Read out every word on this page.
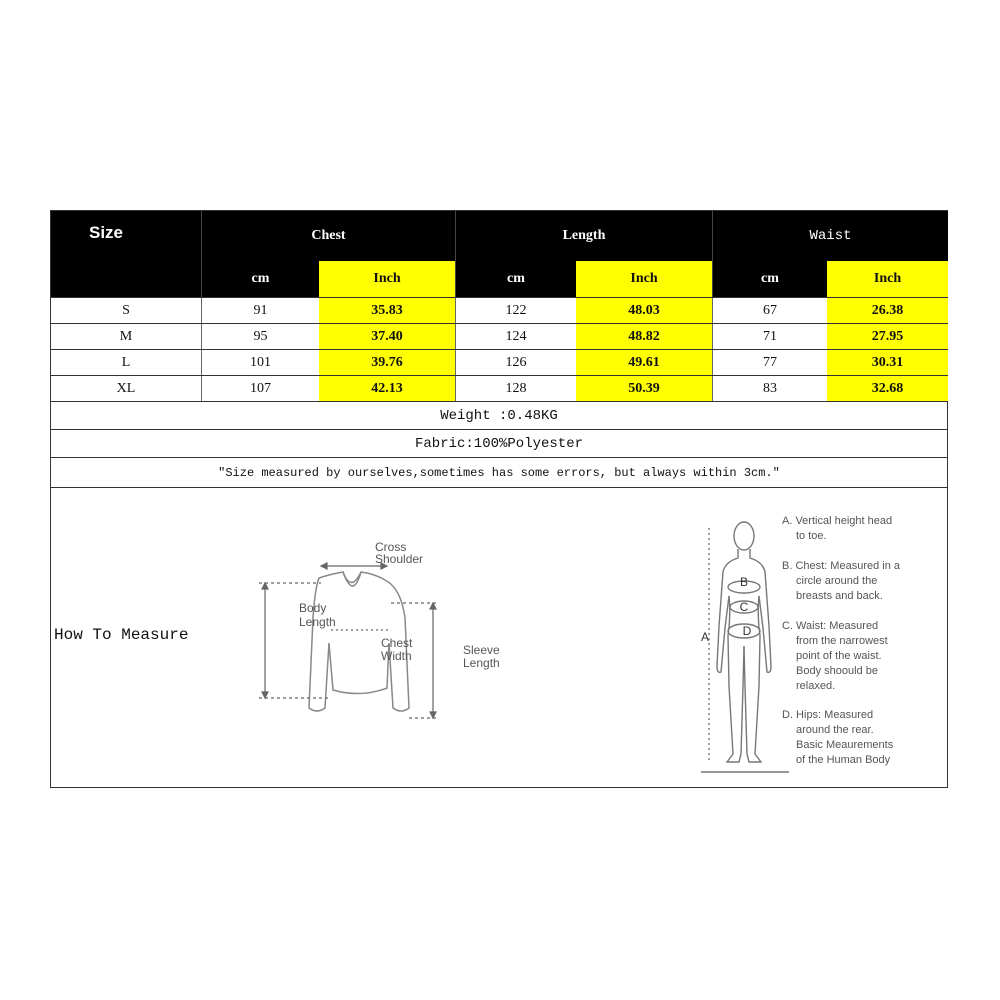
Size	Chest	Length	Waist
cm	Inch	cm	Inch	cm	Inch
S	91	35.83	122	48.03	67	26.38
M	95	37.40	124	48.82	71	27.95
L	101	39.76	126	49.61	77	30.31
XL	107	42.13	128	50.39	83	32.68
Weight :0.48KG
Fabric:100%Polyester
"Size measured by ourselves,sometimes has some errors, but always within 3cm."
How To Measure
Cross
Shoulder
Body
Length
Chest
Width	Sleeve
Length
B
C
D
A
A. Vertical height head
to toe.
B. Chest: Measured in a
circle around the
breasts and back.
C. Waist: Measured
from the narrowest
point of the waist.
Body shoould be
relaxed.
D. Hips: Measured
around the rear.
Basic Meaurements
of the Human Body
